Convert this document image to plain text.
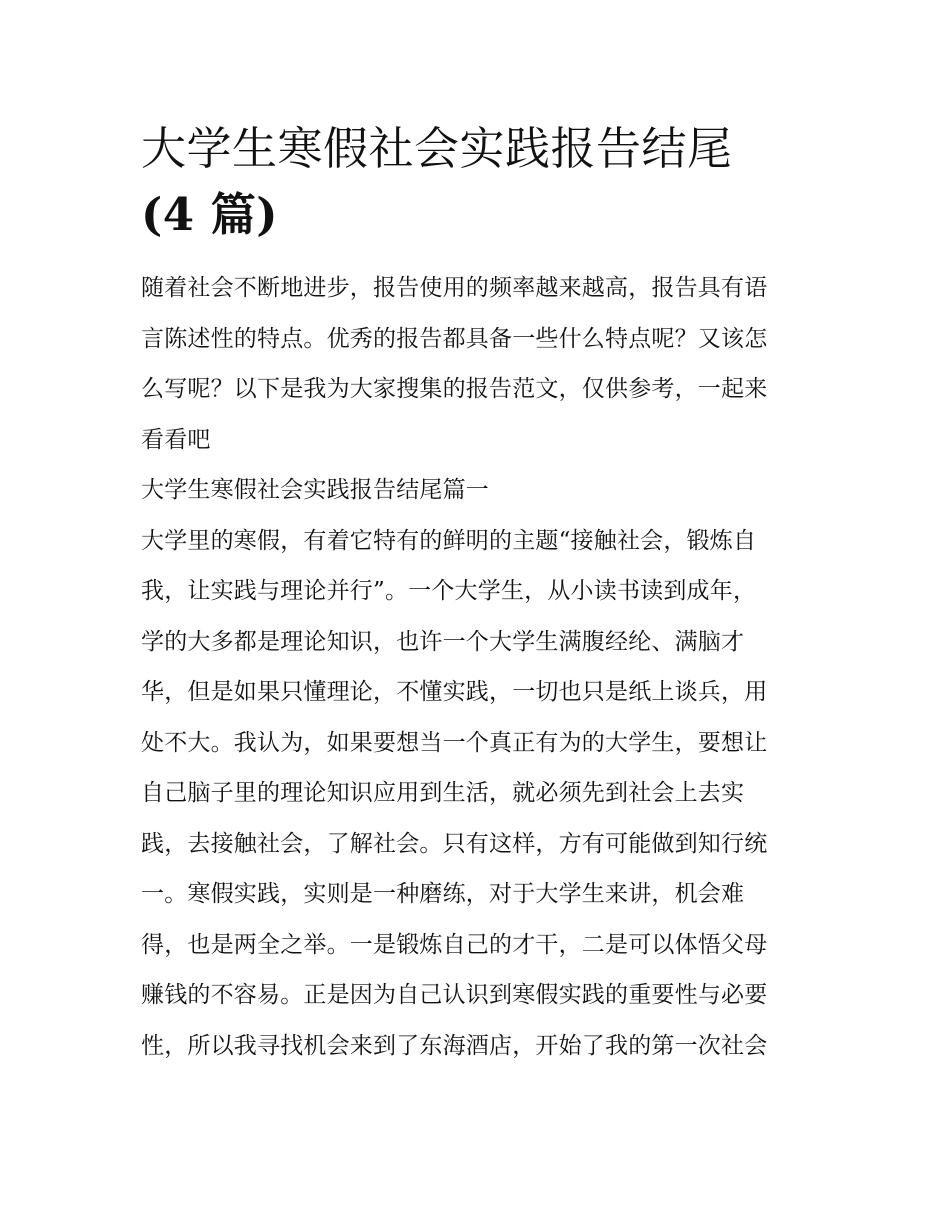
大学生寒假社会实践报告结尾
(4 篇)

随着社会不断地进步，报告使用的频率越来越高，报告具有语
言陈述性的特点。优秀的报告都具备一些什么特点呢？又该怎
么写呢？以下是我为大家搜集的报告范文，仅供参考，一起来
看看吧

大学生寒假社会实践报告结尾篇一

大学里的寒假，有着它特有的鲜明的主题“接触社会，锻炼自
我，让实践与理论并行”。一个大学生，从小读书读到成年，
学的大多都是理论知识，也许一个大学生满腹经纶、满脑才
华，但是如果只懂理论，不懂实践，一切也只是纸上谈兵，用
处不大。我认为，如果要想当一个真正有为的大学生，要想让
自己脑子里的理论知识应用到生活，就必须先到社会上去实
践，去接触社会，了解社会。只有这样，方有可能做到知行统
一。寒假实践，实则是一种磨练，对于大学生来讲，机会难
得，也是两全之举。一是锻炼自己的才干，二是可以体悟父母
赚钱的不容易。正是因为自己认识到寒假实践的重要性与必要
性，所以我寻找机会来到了东海酒店，开始了我的第一次社会
